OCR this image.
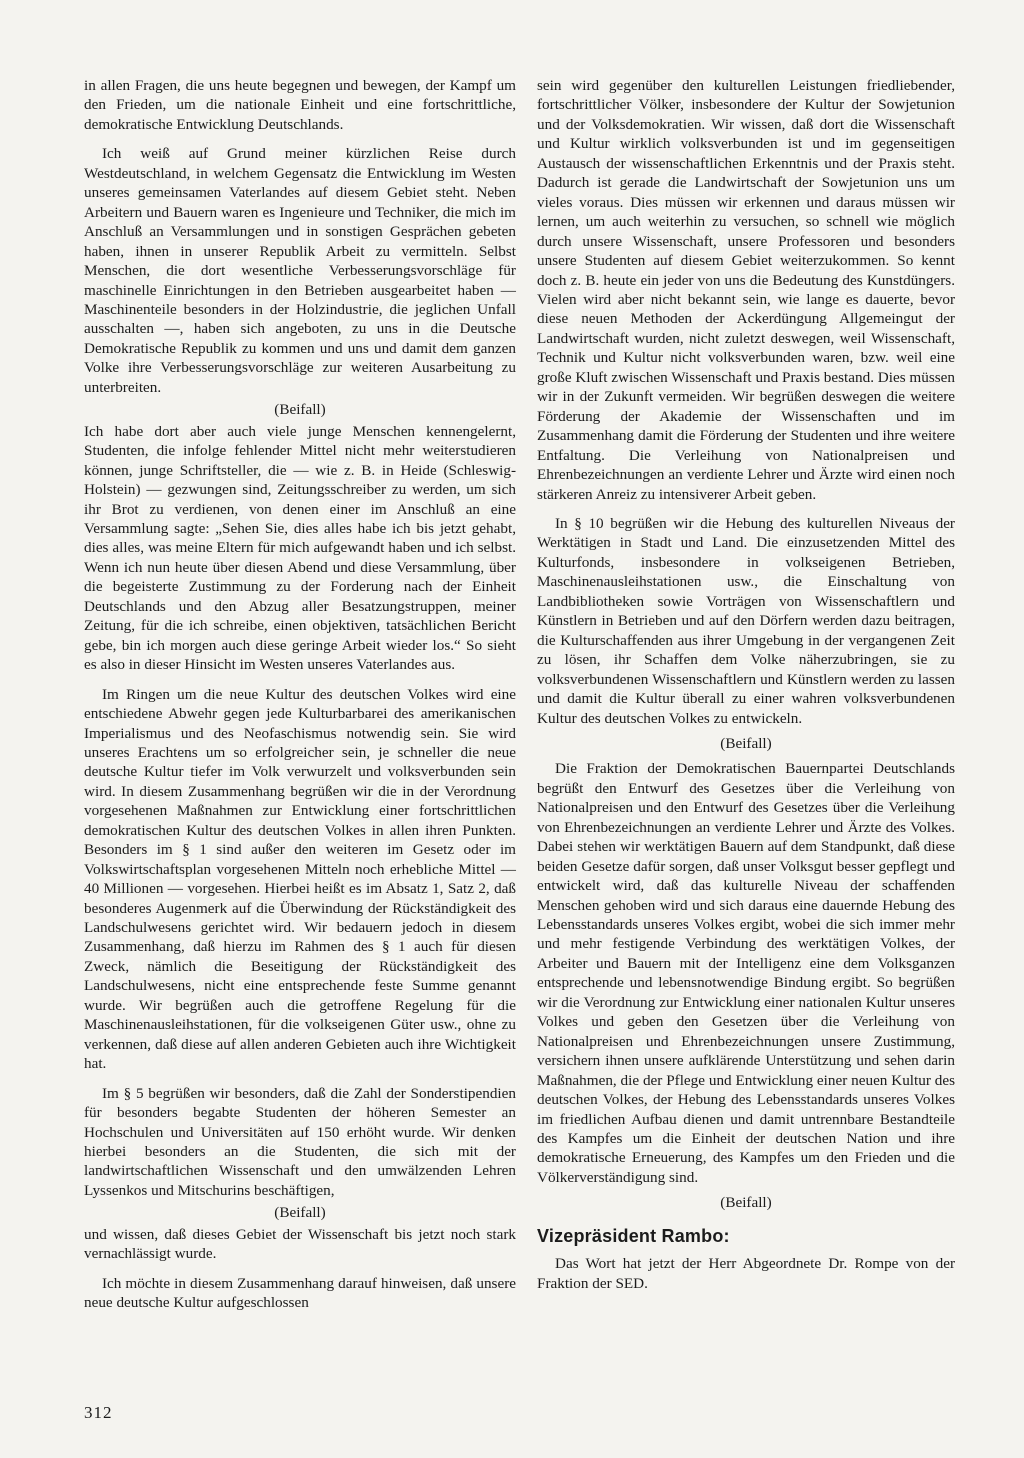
in allen Fragen, die uns heute begegnen und bewegen, der Kampf um den Frieden, um die nationale Einheit und eine fortschrittliche, demokratische Entwicklung Deutschlands.

Ich weiß auf Grund meiner kürzlichen Reise durch Westdeutschland, in welchem Gegensatz die Entwicklung im Westen unseres gemeinsamen Vaterlandes auf diesem Gebiet steht. Neben Arbeitern und Bauern waren es Ingenieure und Techniker, die mich im Anschluß an Versammlungen und in sonstigen Gesprächen gebeten haben, ihnen in unserer Republik Arbeit zu vermitteln. Selbst Menschen, die dort wesentliche Verbesserungsvorschläge für maschinelle Einrichtungen in den Betrieben ausgearbeitet haben — Maschinenteile besonders in der Holzindustrie, die jeglichen Unfall ausschalten —, haben sich angeboten, zu uns in die Deutsche Demokratische Republik zu kommen und uns und damit dem ganzen Volke ihre Verbesserungsvorschläge zur weiteren Ausarbeitung zu unterbreiten.

(Beifall)

Ich habe dort aber auch viele junge Menschen kennengelernt, Studenten, die infolge fehlender Mittel nicht mehr weiterstudieren können, junge Schriftsteller, die — wie z. B. in Heide (Schleswig-Holstein) — gezwungen sind, Zeitungsschreiber zu werden, um sich ihr Brot zu verdienen, von denen einer im Anschluß an eine Versammlung sagte: „Sehen Sie, dies alles habe ich bis jetzt gehabt, dies alles, was meine Eltern für mich aufgewandt haben und ich selbst. Wenn ich nun heute über diesen Abend und diese Versammlung, über die begeisterte Zustimmung zu der Forderung nach der Einheit Deutschlands und den Abzug aller Besatzungstruppen, meiner Zeitung, für die ich schreibe, einen objektiven, tatsächlichen Bericht gebe, bin ich morgen auch diese geringe Arbeit wieder los.“ So sieht es also in dieser Hinsicht im Westen unseres Vaterlandes aus.

Im Ringen um die neue Kultur des deutschen Volkes wird eine entschiedene Abwehr gegen jede Kulturbarbarei des amerikanischen Imperialismus und des Neofaschismus notwendig sein. Sie wird unseres Erachtens um so erfolgreicher sein, je schneller die neue deutsche Kultur tiefer im Volk verwurzelt und volksverbunden sein wird. In diesem Zusammenhang begrüßen wir die in der Verordnung vorgesehenen Maßnahmen zur Entwicklung einer fortschrittlichen demokratischen Kultur des deutschen Volkes in allen ihren Punkten. Besonders im § 1 sind außer den weiteren im Gesetz oder im Volkswirtschaftsplan vorgesehenen Mitteln noch erhebliche Mittel — 40 Millionen — vorgesehen. Hierbei heißt es im Absatz 1, Satz 2, daß besonderes Augenmerk auf die Überwindung der Rückständigkeit des Landschulwesens gerichtet wird. Wir bedauern jedoch in diesem Zusammenhang, daß hierzu im Rahmen des § 1 auch für diesen Zweck, nämlich die Beseitigung der Rückständigkeit des Landschulwesens, nicht eine entsprechende feste Summe genannt wurde. Wir begrüßen auch die getroffene Regelung für die Maschinenausleihstationen, für die volkseigenen Güter usw., ohne zu verkennen, daß diese auf allen anderen Gebieten auch ihre Wichtigkeit hat.

Im § 5 begrüßen wir besonders, daß die Zahl der Sonderstipendien für besonders begabte Studenten der höheren Semester an Hochschulen und Universitäten auf 150 erhöht wurde. Wir denken hierbei besonders an die Studenten, die sich mit der landwirtschaftlichen Wissenschaft und den umwälzenden Lehren Lyssenkos und Mitschurins beschäftigen,

(Beifall)

und wissen, daß dieses Gebiet der Wissenschaft bis jetzt noch stark vernachlässigt wurde.

Ich möchte in diesem Zusammenhang darauf hinweisen, daß unsere neue deutsche Kultur aufgeschlossen

sein wird gegenüber den kulturellen Leistungen friedliebender, fortschrittlicher Völker, insbesondere der Kultur der Sowjetunion und der Volksdemokratien. Wir wissen, daß dort die Wissenschaft und Kultur wirklich volksverbunden ist und im gegenseitigen Austausch der wissenschaftlichen Erkenntnis und der Praxis steht. Dadurch ist gerade die Landwirtschaft der Sowjetunion uns um vieles voraus. Dies müssen wir erkennen und daraus müssen wir lernen, um auch weiterhin zu versuchen, so schnell wie möglich durch unsere Wissenschaft, unsere Professoren und besonders unsere Studenten auf diesem Gebiet weiterzukommen. So kennt doch z. B. heute ein jeder von uns die Bedeutung des Kunstdüngers. Vielen wird aber nicht bekannt sein, wie lange es dauerte, bevor diese neuen Methoden der Ackerdüngung Allgemeingut der Landwirtschaft wurden, nicht zuletzt deswegen, weil Wissenschaft, Technik und Kultur nicht volksverbunden waren, bzw. weil eine große Kluft zwischen Wissenschaft und Praxis bestand. Dies müssen wir in der Zukunft vermeiden. Wir begrüßen deswegen die weitere Förderung der Akademie der Wissenschaften und im Zusammenhang damit die Förderung der Studenten und ihre weitere Entfaltung. Die Verleihung von Nationalpreisen und Ehrenbezeichnungen an verdiente Lehrer und Ärzte wird einen noch stärkeren Anreiz zu intensiverer Arbeit geben.

In § 10 begrüßen wir die Hebung des kulturellen Niveaus der Werktätigen in Stadt und Land. Die einzusetzenden Mittel des Kulturfonds, insbesondere in volkseigenen Betrieben, Maschinenausleihstationen usw., die Einschaltung von Landbibliotheken sowie Vorträgen von Wissenschaftlern und Künstlern in Betrieben und auf den Dörfern werden dazu beitragen, die Kulturschaffenden aus ihrer Umgebung in der vergangenen Zeit zu lösen, ihr Schaffen dem Volke näherzubringen, sie zu volksverbundenen Wissenschaftlern und Künstlern werden zu lassen und damit die Kultur überall zu einer wahren volksverbundenen Kultur des deutschen Volkes zu entwickeln.

(Beifall)

Die Fraktion der Demokratischen Bauernpartei Deutschlands begrüßt den Entwurf des Gesetzes über die Verleihung von Nationalpreisen und den Entwurf des Gesetzes über die Verleihung von Ehrenbezeichnungen an verdiente Lehrer und Ärzte des Volkes. Dabei stehen wir werktätigen Bauern auf dem Standpunkt, daß diese beiden Gesetze dafür sorgen, daß unser Volksgut besser gepflegt und entwickelt wird, daß das kulturelle Niveau der schaffenden Menschen gehoben wird und sich daraus eine dauernde Hebung des Lebensstandards unseres Volkes ergibt, wobei die sich immer mehr und mehr festigende Verbindung des werktätigen Volkes, der Arbeiter und Bauern mit der Intelligenz eine dem Volksganzen entsprechende und lebensnotwendige Bindung ergibt. So begrüßen wir die Verordnung zur Entwicklung einer nationalen Kultur unseres Volkes und geben den Gesetzen über die Verleihung von Nationalpreisen und Ehrenbezeichnungen unsere Zustimmung, versichern ihnen unsere aufklärende Unterstützung und sehen darin Maßnahmen, die der Pflege und Entwicklung einer neuen Kultur des deutschen Volkes, der Hebung des Lebensstandards unseres Volkes im friedlichen Aufbau dienen und damit untrennbare Bestandteile des Kampfes um die Einheit der deutschen Nation und ihre demokratische Erneuerung, des Kampfes um den Frieden und die Völkerverständigung sind.

(Beifall)

Vizepräsident Rambo:

Das Wort hat jetzt der Herr Abgeordnete Dr. Rompe von der Fraktion der SED.

312
